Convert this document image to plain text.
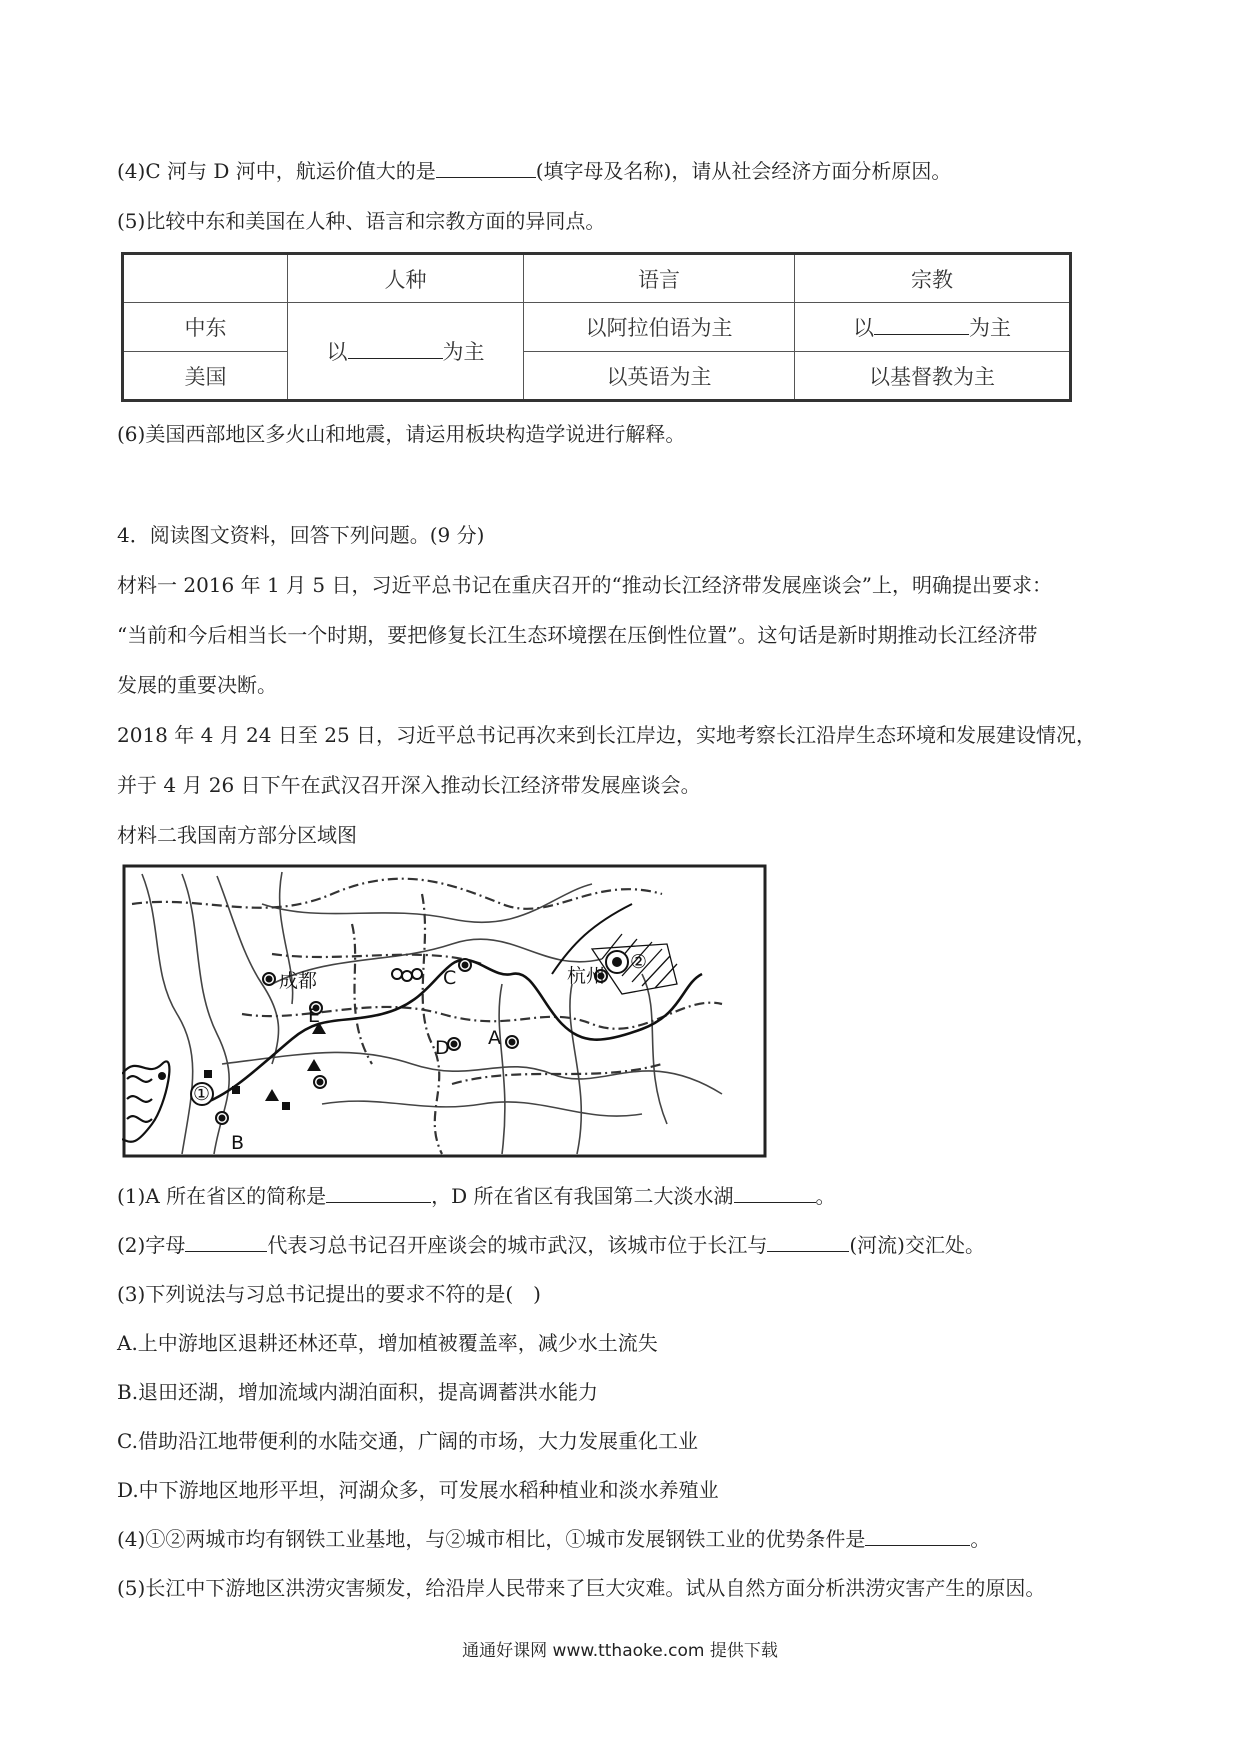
(4)C 河与 D 河中，航运价值大的是	(填字母及名称)，请从社会经济方面分析原因。
(5)比较中东和美国在人种、语言和宗教方面的异同点。
	人种	语言	宗教
中东	以 为主	以阿拉伯语为主	以 为主
美国		以英语为主	以基督教为主
(6)美国西部地区多火山和地震，请运用板块构造学说进行解释。
4．阅读图文资料，回答下列问题。(9 分)
材料一 2016 年 1 月 5 日，习近平总书记在重庆召开的“推动长江经济带发展座谈会”上，明确提出要求：
“当前和今后相当长一个时期，要把修复长江生态环境摆在压倒性位置”。这句话是新时期推动长江经济带
发展的重要决断。
2018 年 4 月 24 日至 25 日，习近平总书记再次来到长江岸边，实地考察长江沿岸生态环境和发展建设情况，
并于 4 月 26 日下午在武汉召开深入推动长江经济带发展座谈会。
材料二我国南方部分区域图
成都	杭州
A
B
C
D
E
①
②
(1)A 所在省区的简称是	，D 所在省区有我国第二大淡水湖	。
(2)字母	代表习总书记召开座谈会的城市武汉，该城市位于长江与	(河流)交汇处。
(3)下列说法与习总书记提出的要求不符的是(　)
A.上中游地区退耕还林还草，增加植被覆盖率，减少水土流失
B.退田还湖，增加流域内湖泊面积，提高调蓄洪水能力
C.借助沿江地带便利的水陆交通，广阔的市场，大力发展重化工业
D.中下游地区地形平坦，河湖众多，可发展水稻种植业和淡水养殖业
(4)①②两城市均有钢铁工业基地，与②城市相比，①城市发展钢铁工业的优势条件是	。
(5)长江中下游地区洪涝灾害频发，给沿岸人民带来了巨大灾难。试从自然方面分析洪涝灾害产生的原因。
通通好课网 www.tthaoke.com 提供下载
